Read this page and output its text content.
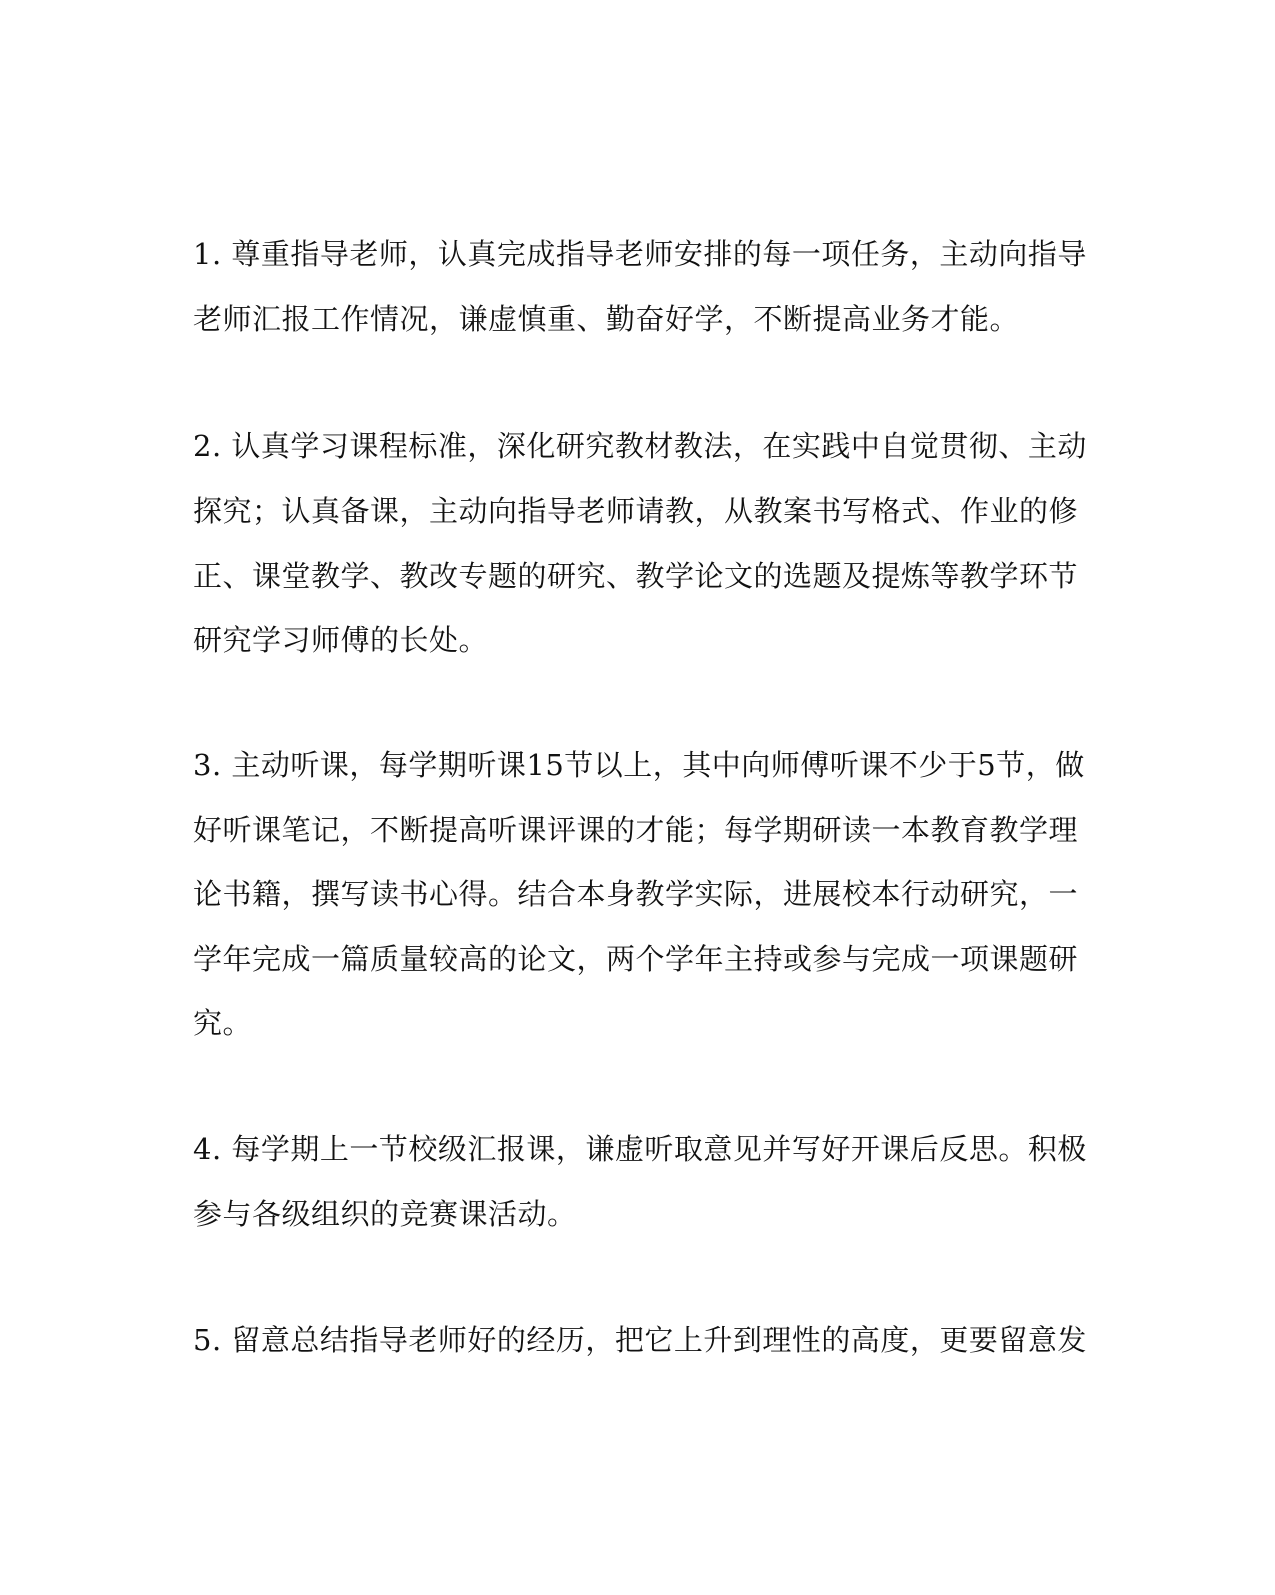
1. 尊重指导老师，认真完成指导老师安排的每一项任务，主动向指导
老师汇报工作情况，谦虚慎重、勤奋好学，不断提高业务才能。
2. 认真学习课程标准，深化研究教材教法，在实践中自觉贯彻、主动
探究；认真备课，主动向指导老师请教，从教案书写格式、作业的修
正、课堂教学、教改专题的研究、教学论文的选题及提炼等教学环节
研究学习师傅的长处。
3. 主动听课，每学期听课15节以上，其中向师傅听课不少于5节，做
好听课笔记，不断提高听课评课的才能；每学期研读一本教育教学理
论书籍，撰写读书心得。结合本身教学实际，进展校本行动研究，一
学年完成一篇质量较高的论文，两个学年主持或参与完成一项课题研
究。
4. 每学期上一节校级汇报课，谦虚听取意见并写好开课后反思。积极
参与各级组织的竞赛课活动。
5. 留意总结指导老师好的经历，把它上升到理性的高度，更要留意发
